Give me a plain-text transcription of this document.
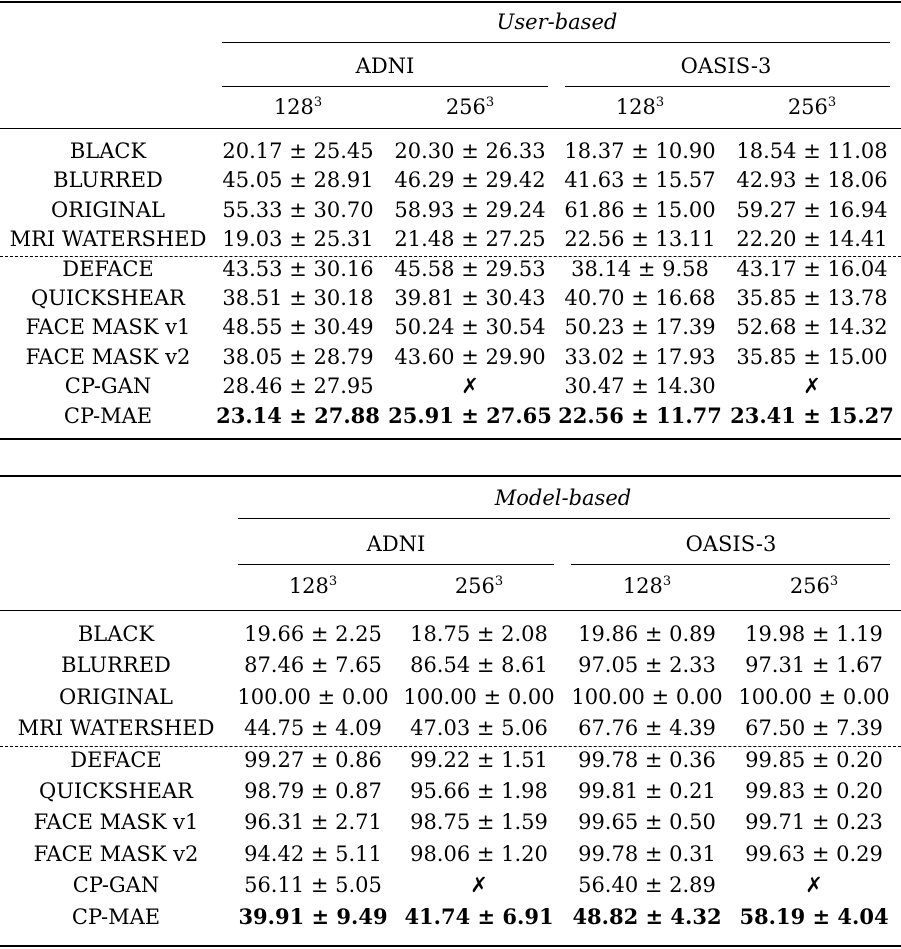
User-based
ADNI	OASIS-3
$128^3$	$256^3$	$128^3$	$256^3$
BLACK	20.17 ± 25.45 20.30 ± 26.33 18.37 ± 10.90 18.54 ± 11.08
BLURRED	45.05 ± 28.91 46.29 ± 29.42 41.63 ± 15.57 42.93 ± 18.06
ORIGINAL	55.33 ± 30.70 58.93 ± 29.24 61.86 ± 15.00 59.27 ± 16.94
MRI WATERSHED 19.03 ± 25.31 21.48 ± 27.25 22.56 ± 13.11 22.20 ± 14.41
DEFACE	43.53 ± 30.16 45.58 ± 29.53	38.14 ± 9.58	43.17 ± 16.04
QUICKSHEAR	38.51 ± 30.18 39.81 ± 30.43 40.70 ± 16.68 35.85 ± 13.78
FACE MASK v1	48.55 ± 30.49 50.24 ± 30.54 50.23 ± 17.39 52.68 ± 14.32
FACE MASK v2	38.05 ± 28.79 43.60 ± 29.90 33.02 ± 17.93 35.85 ± 15.00
CP-GAN	28.46 ± 27.95	✗	30.47 ± 14.30	✗
CP-MAE	23.14 ± 27.88 25.91 ± 27.65 22.56 ± 11.77 23.41 ± 15.27
Model-based
ADNI	OASIS-3
$128^3$	$256^3$	$128^3$	$256^3$
BLACK	19.66 ± 2.25	18.75 ± 2.08	19.86 ± 0.89	19.98 ± 1.19
BLURRED	87.46 ± 7.65	86.54 ± 8.61	97.05 ± 2.33	97.31 ± 1.67
ORIGINAL	100.00 ± 0.00 100.00 ± 0.00 100.00 ± 0.00 100.00 ± 0.00
MRI WATERSHED	44.75 ± 4.09	47.03 ± 5.06	67.76 ± 4.39	67.50 ± 7.39
DEFACE	99.27 ± 0.86	99.22 ± 1.51	99.78 ± 0.36	99.85 ± 0.20
QUICKSHEAR	98.79 ± 0.87	95.66 ± 1.98	99.81 ± 0.21	99.83 ± 0.20
FACE MASK v1	96.31 ± 2.71	98.75 ± 1.59	99.65 ± 0.50	99.71 ± 0.23
FACE MASK v2	94.42 ± 5.11	98.06 ± 1.20	99.78 ± 0.31	99.63 ± 0.29
CP-GAN	56.11 ± 5.05	✗	56.40 ± 2.89	✗
CP-MAE	39.91 ± 9.49 41.74 ± 6.91 48.82 ± 4.32 58.19 ± 4.04
